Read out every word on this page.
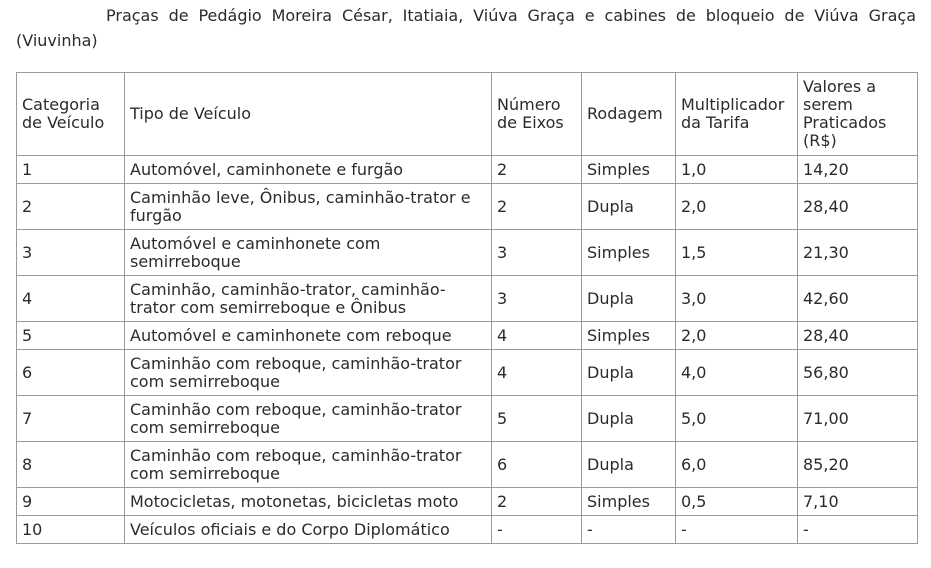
Praças de Pedágio Moreira César, Itatiaia, Viúva Graça e cabines de bloqueio de Viúva Graça (Viuvinha)

Categoria de Veículo	Tipo de Veículo	Número de Eixos	Rodagem	Multiplicador da Tarifa	Valores a serem Praticados (R$)
1	Automóvel, caminhonete e furgão	2	Simples	1,0	14,20
2	Caminhão leve, Ônibus, caminhão-trator e furgão	2	Dupla	2,0	28,40
3	Automóvel e caminhonete com semirreboque	3	Simples	1,5	21,30
4	Caminhão, caminhão-trator, caminhão-trator com semirreboque e Ônibus	3	Dupla	3,0	42,60
5	Automóvel e caminhonete com reboque	4	Simples	2,0	28,40
6	Caminhão com reboque, caminhão-trator com semirreboque	4	Dupla	4,0	56,80
7	Caminhão com reboque, caminhão-trator com semirreboque	5	Dupla	5,0	71,00
8	Caminhão com reboque, caminhão-trator com semirreboque	6	Dupla	6,0	85,20
9	Motocicletas, motonetas, bicicletas moto	2	Simples	0,5	7,10
10	Veículos oficiais e do Corpo Diplomático	-	-	-	-
